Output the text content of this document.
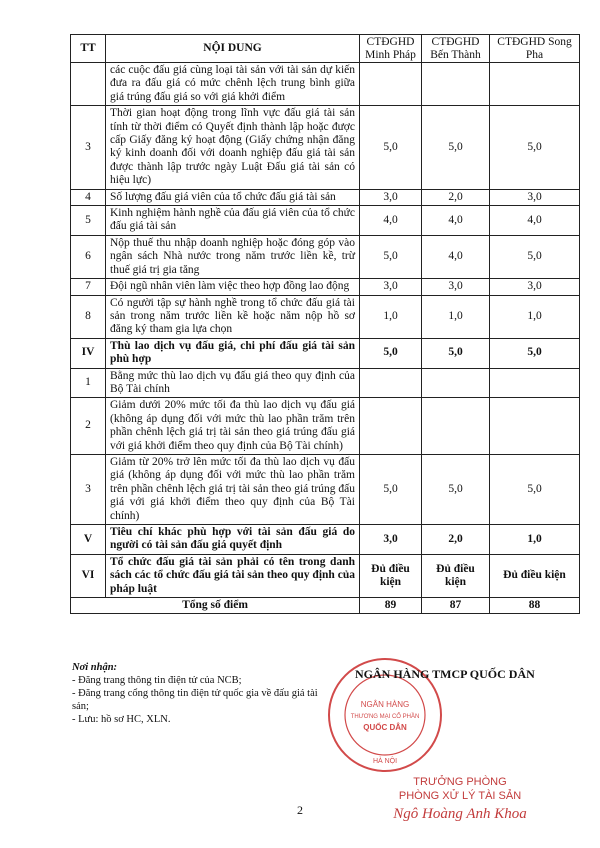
TT	NỘI DUNG	CTĐGHD Minh Pháp	CTĐGHD Bến Thành	CTĐGHD Song Pha
	các cuộc đấu giá cùng loại tài sản với tài sản dự kiến đưa ra đấu giá có mức chênh lệch trung bình giữa giá trúng đấu giá so với giá khởi điểm			
3	Thời gian hoạt động trong lĩnh vực đấu giá tài sản tính từ thời điểm có Quyết định thành lập hoặc được cấp Giấy đăng ký hoạt động (Giấy chứng nhận đăng ký kinh doanh đối với doanh nghiệp đấu giá tài sản được thành lập trước ngày Luật Đấu giá tài sản có hiệu lực)	5,0	5,0	5,0
4	Số lượng đấu giá viên của tổ chức đấu giá tài sản	3,0	2,0	3,0
5	Kinh nghiệm hành nghề của đấu giá viên của tổ chức đấu giá tài sản	4,0	4,0	4,0
6	Nộp thuế thu nhập doanh nghiệp hoặc đóng góp vào ngân sách Nhà nước trong năm trước liền kề, trừ thuế giá trị gia tăng	5,0	4,0	5,0
7	Đội ngũ nhân viên làm việc theo hợp đồng lao động	3,0	3,0	3,0
8	Có người tập sự hành nghề trong tổ chức đấu giá tài sản trong năm trước liền kề hoặc năm nộp hồ sơ đăng ký tham gia lựa chọn	1,0	1,0	1,0
IV	Thù lao dịch vụ đấu giá, chi phí đấu giá tài sản phù hợp	5,0	5,0	5,0
1	Bằng mức thù lao dịch vụ đấu giá theo quy định của Bộ Tài chính			
2	Giảm dưới 20% mức tối đa thù lao dịch vụ đấu giá (không áp dụng đối với mức thù lao phần trăm trên phần chênh lệch giá trị tài sản theo giá trúng đấu giá với giá khởi điểm theo quy định của Bộ Tài chính)			
3	Giảm từ 20% trở lên mức tối đa thù lao dịch vụ đấu giá (không áp dụng đối với mức thù lao phần trăm trên phần chênh lệch giá trị tài sản theo giá trúng đấu giá với giá khởi điểm theo quy định của Bộ Tài chính)	5,0	5,0	5,0
V	Tiêu chí khác phù hợp với tài sản đấu giá do người có tài sản đấu giá quyết định	3,0	2,0	1,0
VI	Tổ chức đấu giá tài sản phải có tên trong danh sách các tổ chức đấu giá tài sản theo quy định của pháp luật	Đủ điều kiện	Đủ điều kiện	Đủ điều kiện
Tổng số điểm		89	87	88
Nơi nhận:
- Đăng trang thông tin điện tử của NCB;
- Đăng trang cổng thông tin điện tử quốc gia về đấu giá tài sản;
- Lưu: hồ sơ HC, XLN.
NGÂN HÀNG
THƯƠNG MẠI CỔ PHẦN
QUỐC DÂN
HÀ NỘI
NGÂN HÀNG TMCP QUỐC DÂN
TRƯỞNG PHÒNG
PHÒNG XỬ LÝ TÀI SẢN
Ngô Hoàng Anh Khoa
2
